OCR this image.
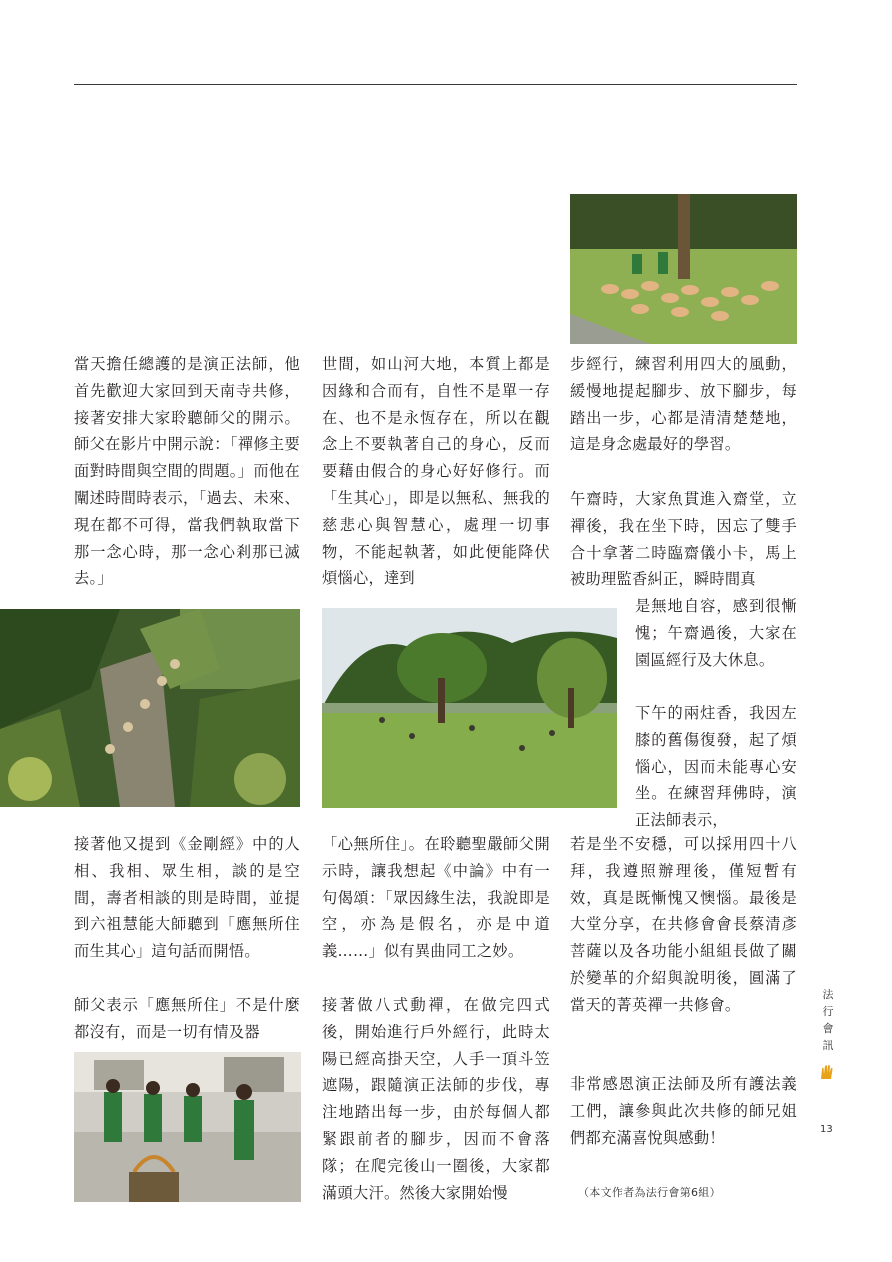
當天擔任總護的是演正法師，他首先歡迎大家回到天南寺共修，接著安排大家聆聽師父的開示。師父在影片中開示說：「禪修主要面對時間與空間的問題。」而他在闡述時間時表示，「過去、未來、現在都不可得，當我們執取當下那一念心時，那一念心剎那已滅去。」

接著他又提到《金剛經》中的人相、我相、眾生相，談的是空間，壽者相談的則是時間，並提到六祖慧能大師聽到「應無所住而生其心」這句話而開悟。

師父表示「應無所住」不是什麼都沒有，而是一切有情及器

世間，如山河大地，本質上都是因緣和合而有，自性不是單一存在、也不是永恆存在，所以在觀念上不要執著自己的身心，反而要藉由假合的身心好好修行。而「生其心」，即是以無私、無我的慈悲心與智慧心，處理一切事物，不能起執著，如此便能降伏煩惱心，達到

「心無所住」。在聆聽聖嚴師父開示時，讓我想起《中論》中有一句偈頌：「眾因緣生法，我說即是空，亦為是假名，亦是中道義……」似有異曲同工之妙。

接著做八式動禪，在做完四式後，開始進行戶外經行，此時太陽已經高掛天空，人手一頂斗笠遮陽，跟隨演正法師的步伐，專注地踏出每一步，由於每個人都緊跟前者的腳步，因而不會落隊；在爬完後山一圈後，大家都滿頭大汗。然後大家開始慢

步經行，練習利用四大的風動，緩慢地提起腳步、放下腳步，每踏出一步，心都是清清楚楚地，這是身念處最好的學習。

午齋時，大家魚貫進入齋堂，立禪後，我在坐下時，因忘了雙手合十拿著二時臨齋儀小卡，馬上被助理監香糾正，瞬時間真

是無地自容，感到很慚愧；午齋過後，大家在園區經行及大休息。

下午的兩炷香，我因左膝的舊傷復發，起了煩惱心，因而未能專心安坐。在練習拜佛時，演正法師表示，

若是坐不安穩，可以採用四十八拜，我遵照辦理後，僅短暫有效，真是既慚愧又懊惱。最後是大堂分享，在共修會會長蔡清彥菩薩以及各功能小組組長做了關於變革的介紹與說明後，圓滿了當天的菁英禪一共修會。

非常感恩演正法師及所有護法義工們，讓參與此次共修的師兄姐們都充滿喜悅與感動！

（本文作者為法行會第6組）
法
行
會
訊
13
